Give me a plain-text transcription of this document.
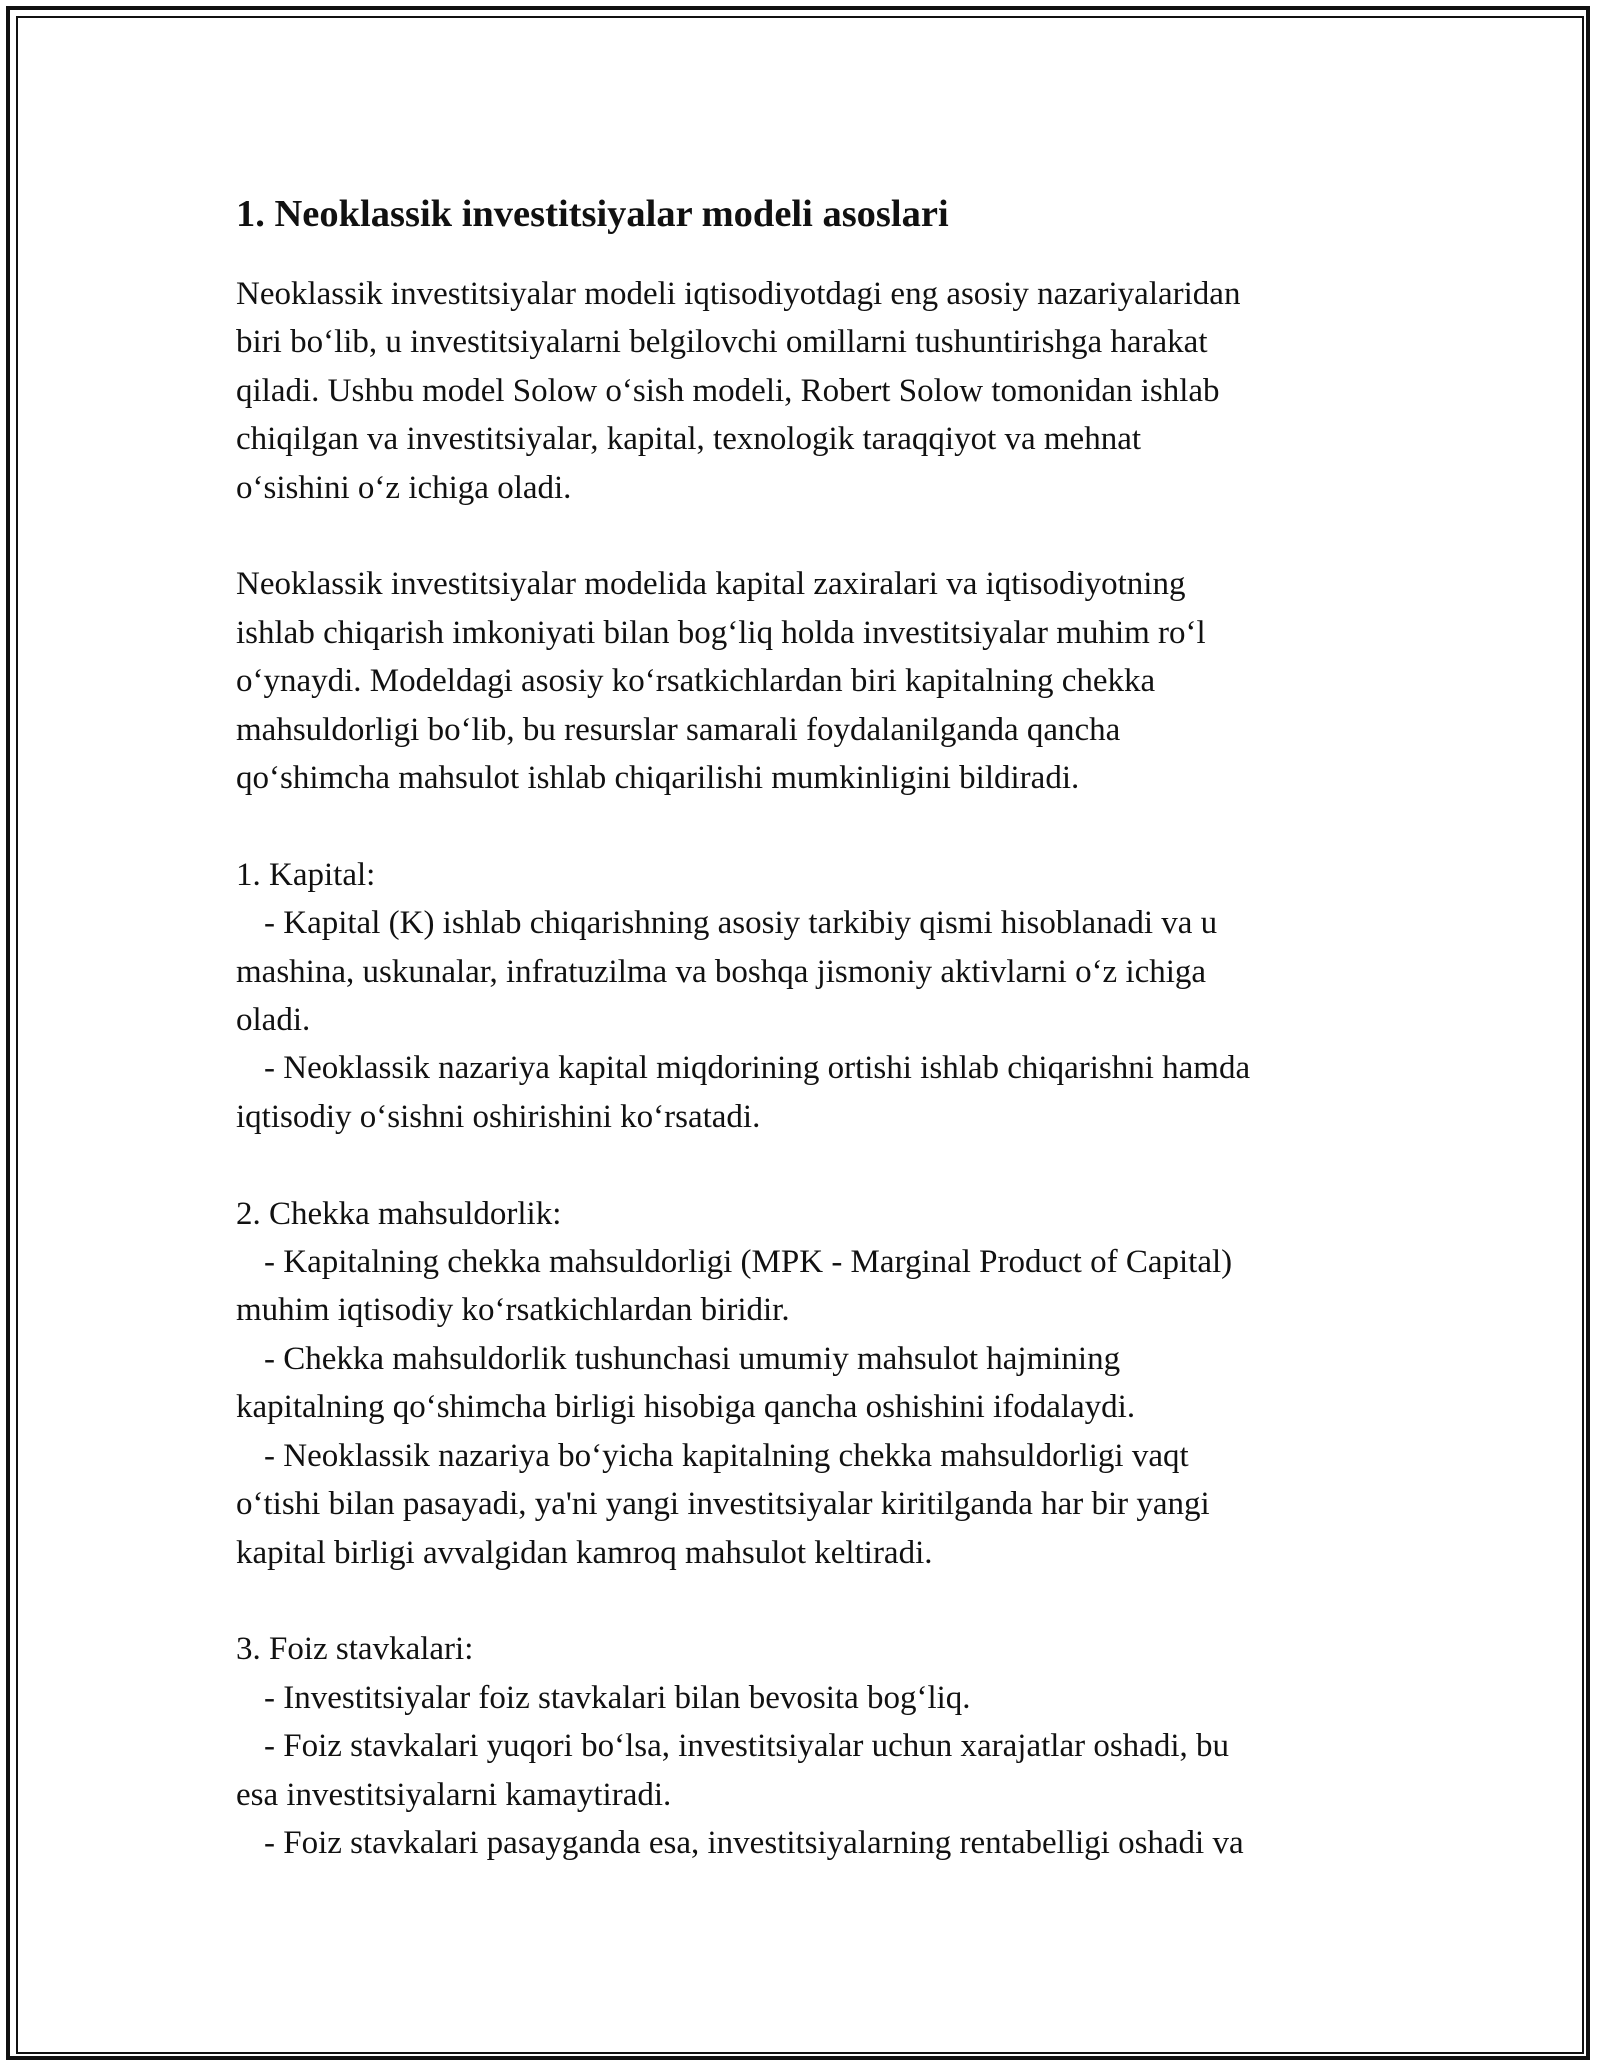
1. Neoklassik investitsiyalar modeli asoslari

Neoklassik investitsiyalar modeli iqtisodiyotdagi eng asosiy nazariyalaridan

biri bo‘lib, u investitsiyalarni belgilovchi omillarni tushuntirishga harakat

qiladi. Ushbu model Solow o‘sish modeli, Robert Solow tomonidan ishlab

chiqilgan va investitsiyalar, kapital, texnologik taraqqiyot va mehnat

o‘sishini o‘z ichiga oladi.

Neoklassik investitsiyalar modelida kapital zaxiralari va iqtisodiyotning

ishlab chiqarish imkoniyati bilan bog‘liq holda investitsiyalar muhim ro‘l

o‘ynaydi. Modeldagi asosiy ko‘rsatkichlardan biri kapitalning chekka

mahsuldorligi bo‘lib, bu resurslar samarali foydalanilganda qancha

qo‘shimcha mahsulot ishlab chiqarilishi mumkinligini bildiradi.

1. Kapital:

- Kapital (K) ishlab chiqarishning asosiy tarkibiy qismi hisoblanadi va u

mashina, uskunalar, infratuzilma va boshqa jismoniy aktivlarni o‘z ichiga

oladi.

- Neoklassik nazariya kapital miqdorining ortishi ishlab chiqarishni hamda

iqtisodiy o‘sishni oshirishini ko‘rsatadi.

2. Chekka mahsuldorlik:

- Kapitalning chekka mahsuldorligi (MPK - Marginal Product of Capital)

muhim iqtisodiy ko‘rsatkichlardan biridir.

- Chekka mahsuldorlik tushunchasi umumiy mahsulot hajmining

kapitalning qo‘shimcha birligi hisobiga qancha oshishini ifodalaydi.

- Neoklassik nazariya bo‘yicha kapitalning chekka mahsuldorligi vaqt

o‘tishi bilan pasayadi, ya'ni yangi investitsiyalar kiritilganda har bir yangi

kapital birligi avvalgidan kamroq mahsulot keltiradi.

3. Foiz stavkalari:

- Investitsiyalar foiz stavkalari bilan bevosita bog‘liq.

- Foiz stavkalari yuqori bo‘lsa, investitsiyalar uchun xarajatlar oshadi, bu

esa investitsiyalarni kamaytiradi.

- Foiz stavkalari pasayganda esa, investitsiyalarning rentabelligi oshadi va
